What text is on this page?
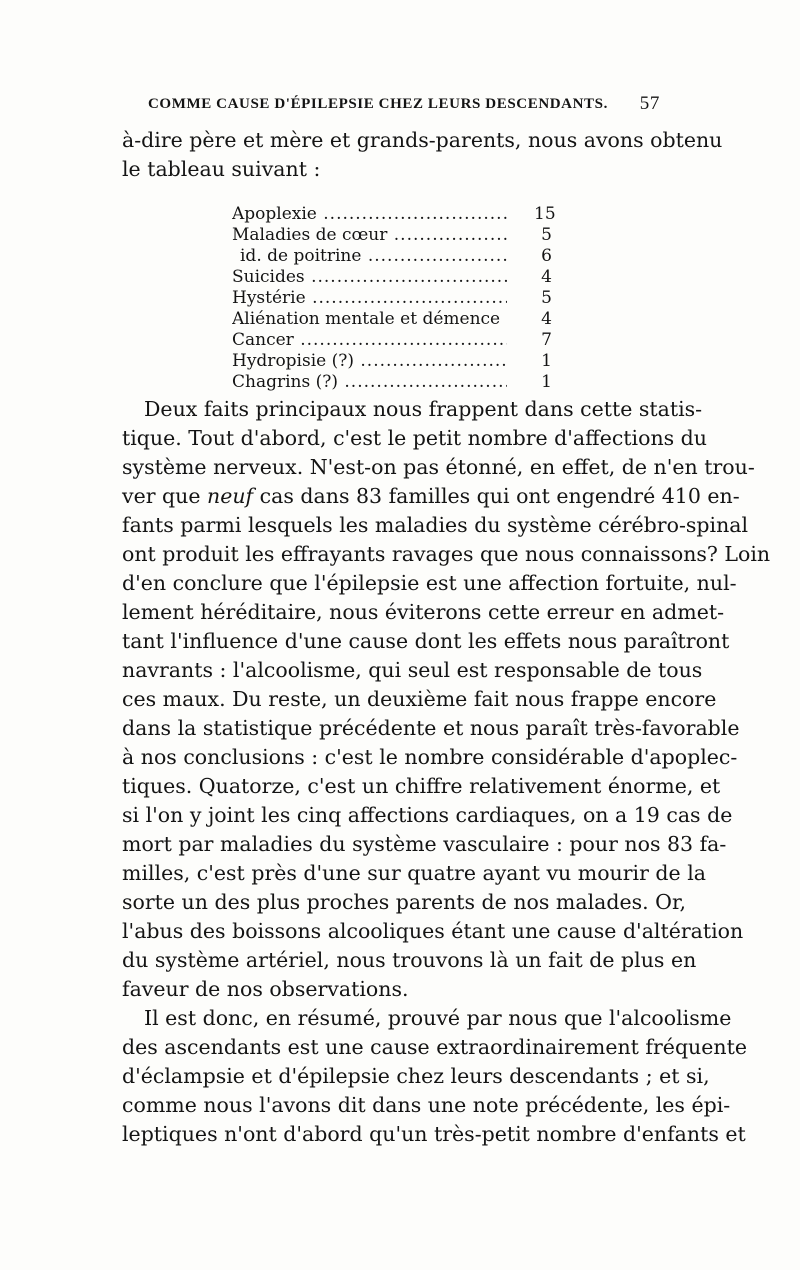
COMME CAUSE D'ÉPILEPSIE CHEZ LEURS DESCENDANTS. 57
à-dire père et mère et grands-parents, nous avons obtenu
le tableau suivant :
Apoplexie .....	15
Maladies de cœur .....	5
id. de poitrine .....	6
Suicides .....	4
Hystérie .....	5
Aliénation mentale et démence .....	4
Cancer .....	7
Hydropisie (?) .....	1
Chagrins (?) .....	1
Deux faits principaux nous frappent dans cette statis-
tique. Tout d'abord, c'est le petit nombre d'affections du
système nerveux. N'est-on pas étonné, en effet, de n'en trou-
ver que neuf cas dans 83 familles qui ont engendré 410 en-
fants parmi lesquels les maladies du système cérébro-spinal
ont produit les effrayants ravages que nous connaissons? Loin
d'en conclure que l'épilepsie est une affection fortuite, nul-
lement héréditaire, nous éviterons cette erreur en admet-
tant l'influence d'une cause dont les effets nous paraîtront
navrants : l'alcoolisme, qui seul est responsable de tous
ces maux. Du reste, un deuxième fait nous frappe encore
dans la statistique précédente et nous paraît très-favorable
à nos conclusions : c'est le nombre considérable d'apoplec-
tiques. Quatorze, c'est un chiffre relativement énorme, et
si l'on y joint les cinq affections cardiaques, on a 19 cas de
mort par maladies du système vasculaire : pour nos 83 fa-
milles, c'est près d'une sur quatre ayant vu mourir de la
sorte un des plus proches parents de nos malades. Or,
l'abus des boissons alcooliques étant une cause d'altération
du système artériel, nous trouvons là un fait de plus en
faveur de nos observations.
Il est donc, en résumé, prouvé par nous que l'alcoolisme
des ascendants est une cause extraordinairement fréquente
d'éclampsie et d'épilepsie chez leurs descendants ; et si,
comme nous l'avons dit dans une note précédente, les épi-
leptiques n'ont d'abord qu'un très-petit nombre d'enfants et
